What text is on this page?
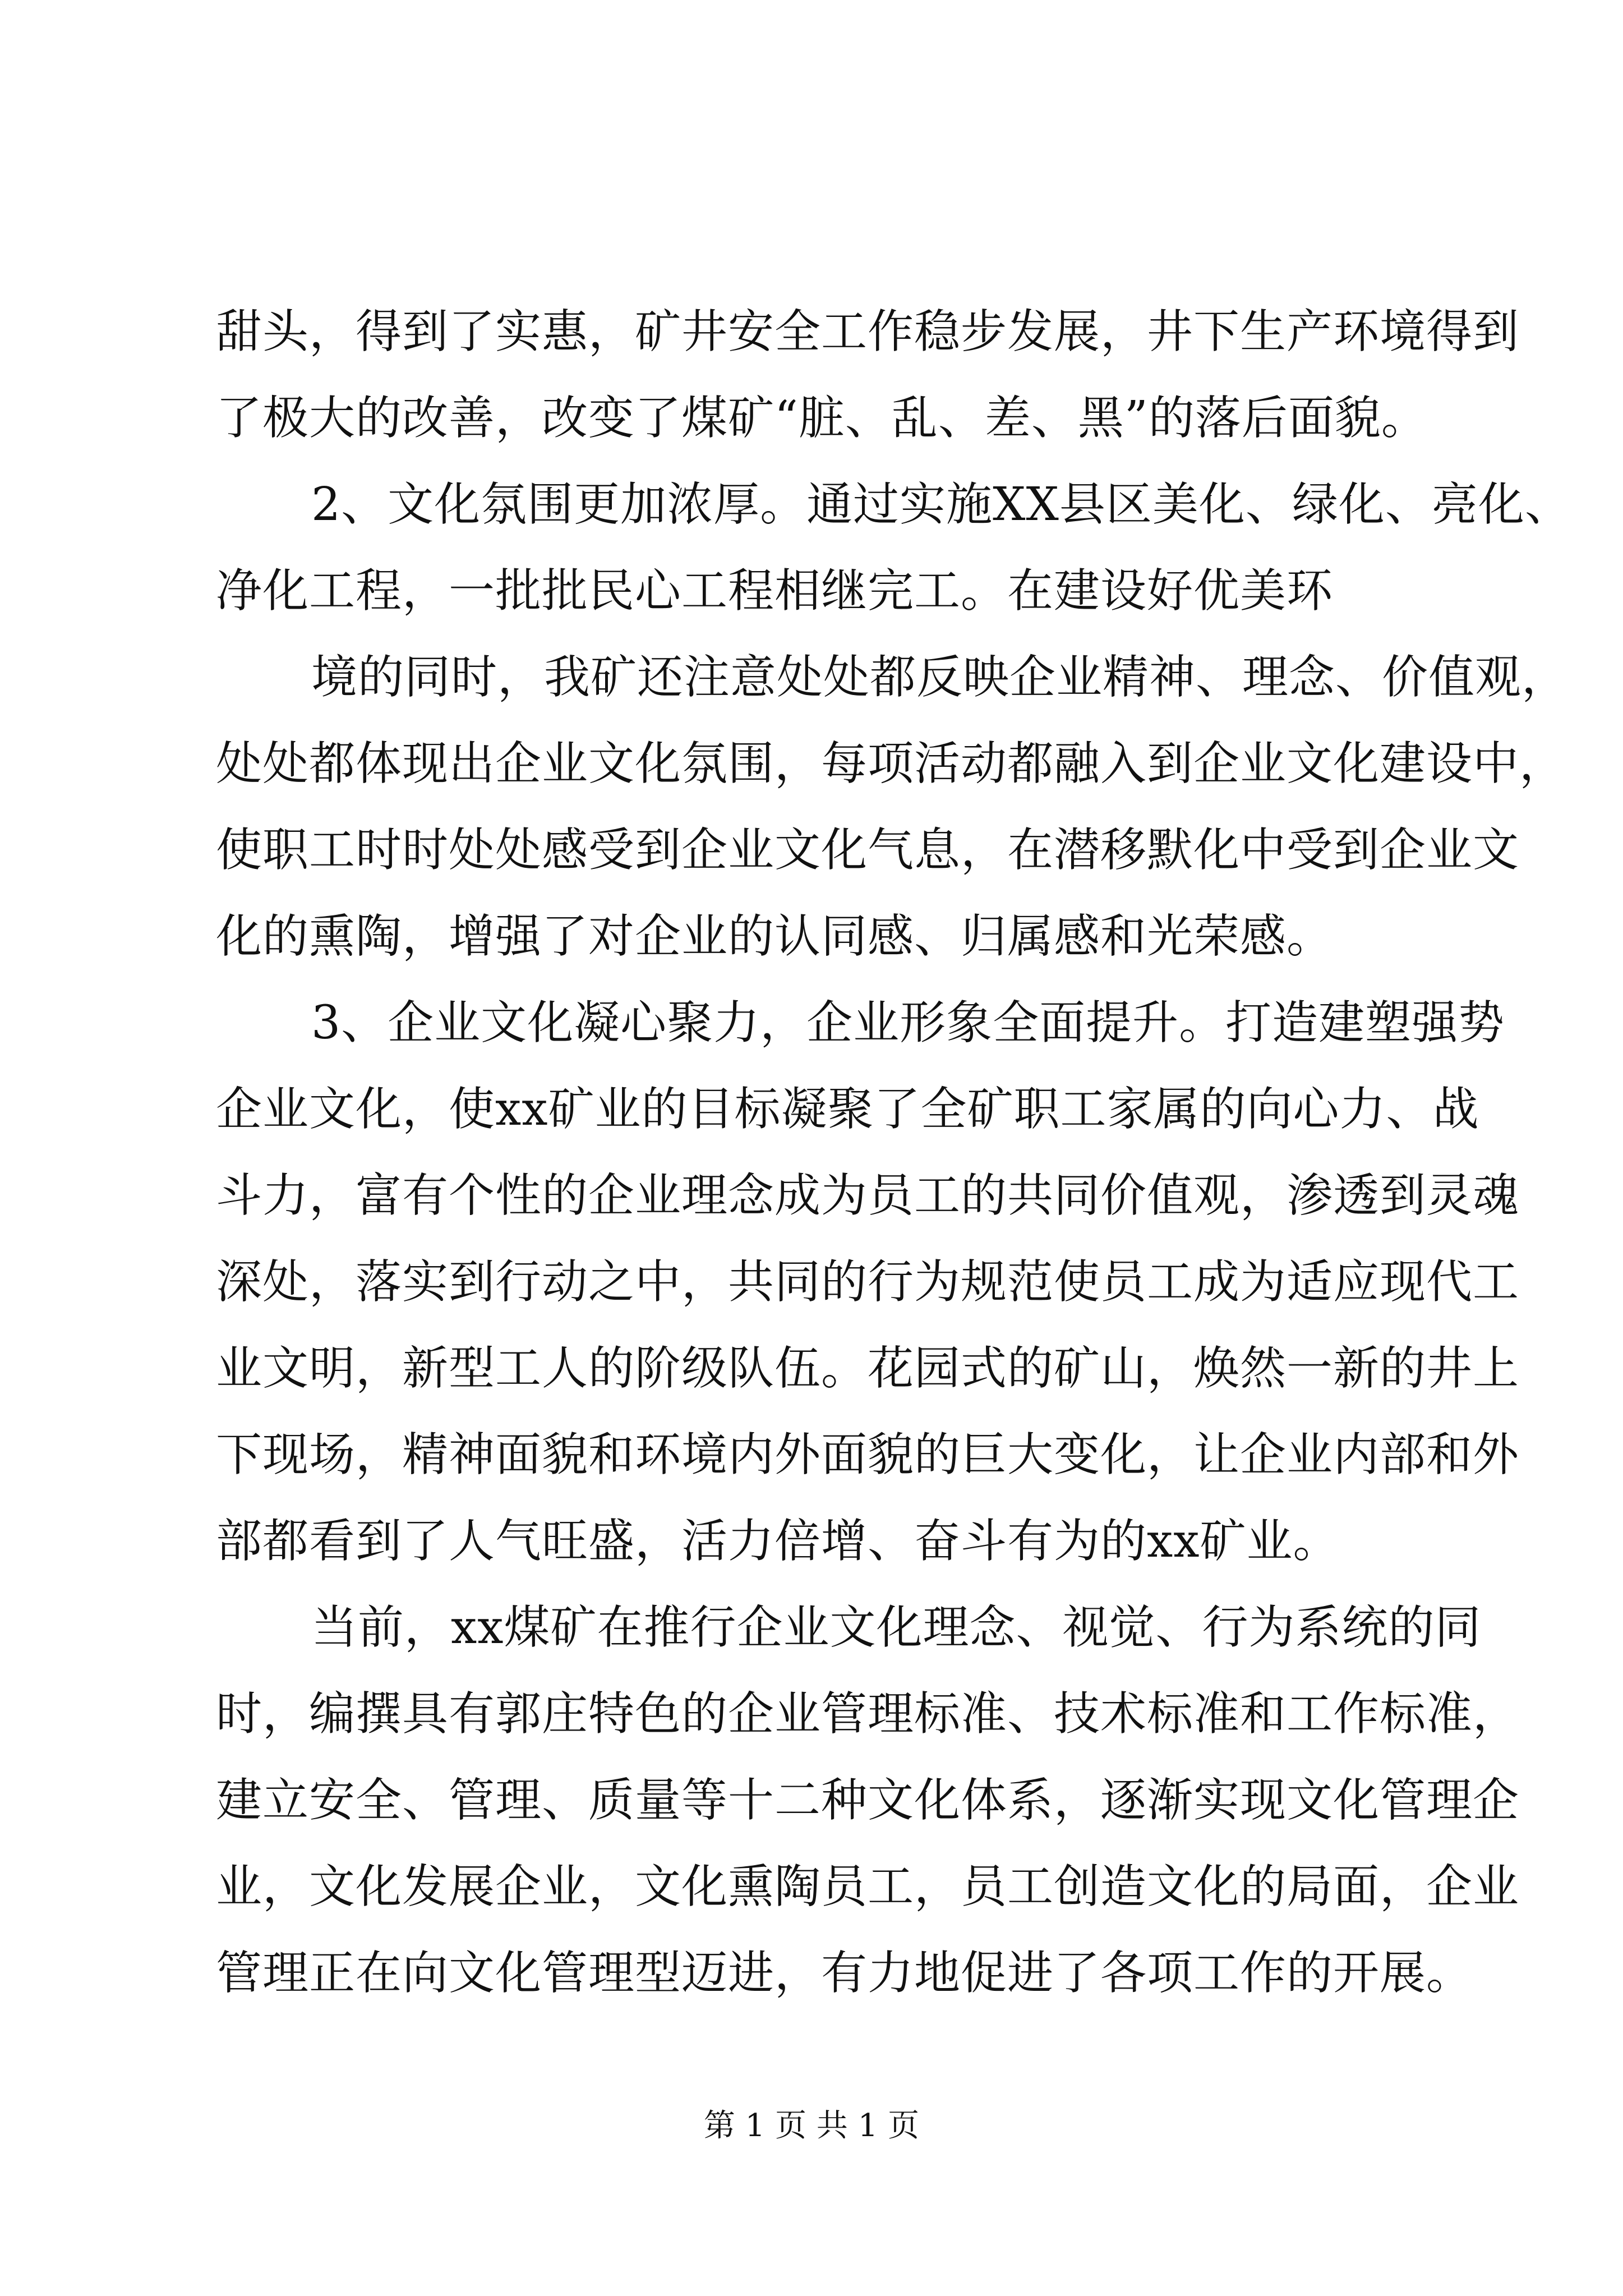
甜头，得到了实惠，矿井安全工作稳步发展，井下生产环境得到
了极大的改善，改变了煤矿“脏、乱、差、黑”的落后面貌。
2、文化氛围更加浓厚。通过实施XX县区美化、绿化、亮化、
净化工程，一批批民心工程相继完工。在建设好优美环
境的同时，我矿还注意处处都反映企业精神、理念、价值观，
处处都体现出企业文化氛围，每项活动都融入到企业文化建设中，
使职工时时处处感受到企业文化气息，在潜移默化中受到企业文
化的熏陶，增强了对企业的认同感、归属感和光荣感。
3、企业文化凝心聚力，企业形象全面提升。打造建塑强势
企业文化，使xx矿业的目标凝聚了全矿职工家属的向心力、战
斗力，富有个性的企业理念成为员工的共同价值观，渗透到灵魂
深处，落实到行动之中，共同的行为规范使员工成为适应现代工
业文明，新型工人的阶级队伍。花园式的矿山，焕然一新的井上
下现场，精神面貌和环境内外面貌的巨大变化，让企业内部和外
部都看到了人气旺盛，活力倍增、奋斗有为的xx矿业。
当前，xx煤矿在推行企业文化理念、视觉、行为系统的同
时，编撰具有郭庄特色的企业管理标准、技术标准和工作标准，
建立安全、管理、质量等十二种文化体系，逐渐实现文化管理企
业，文化发展企业，文化熏陶员工，员工创造文化的局面，企业
管理正在向文化管理型迈进，有力地促进了各项工作的开展。
第 1 页 共 1 页
